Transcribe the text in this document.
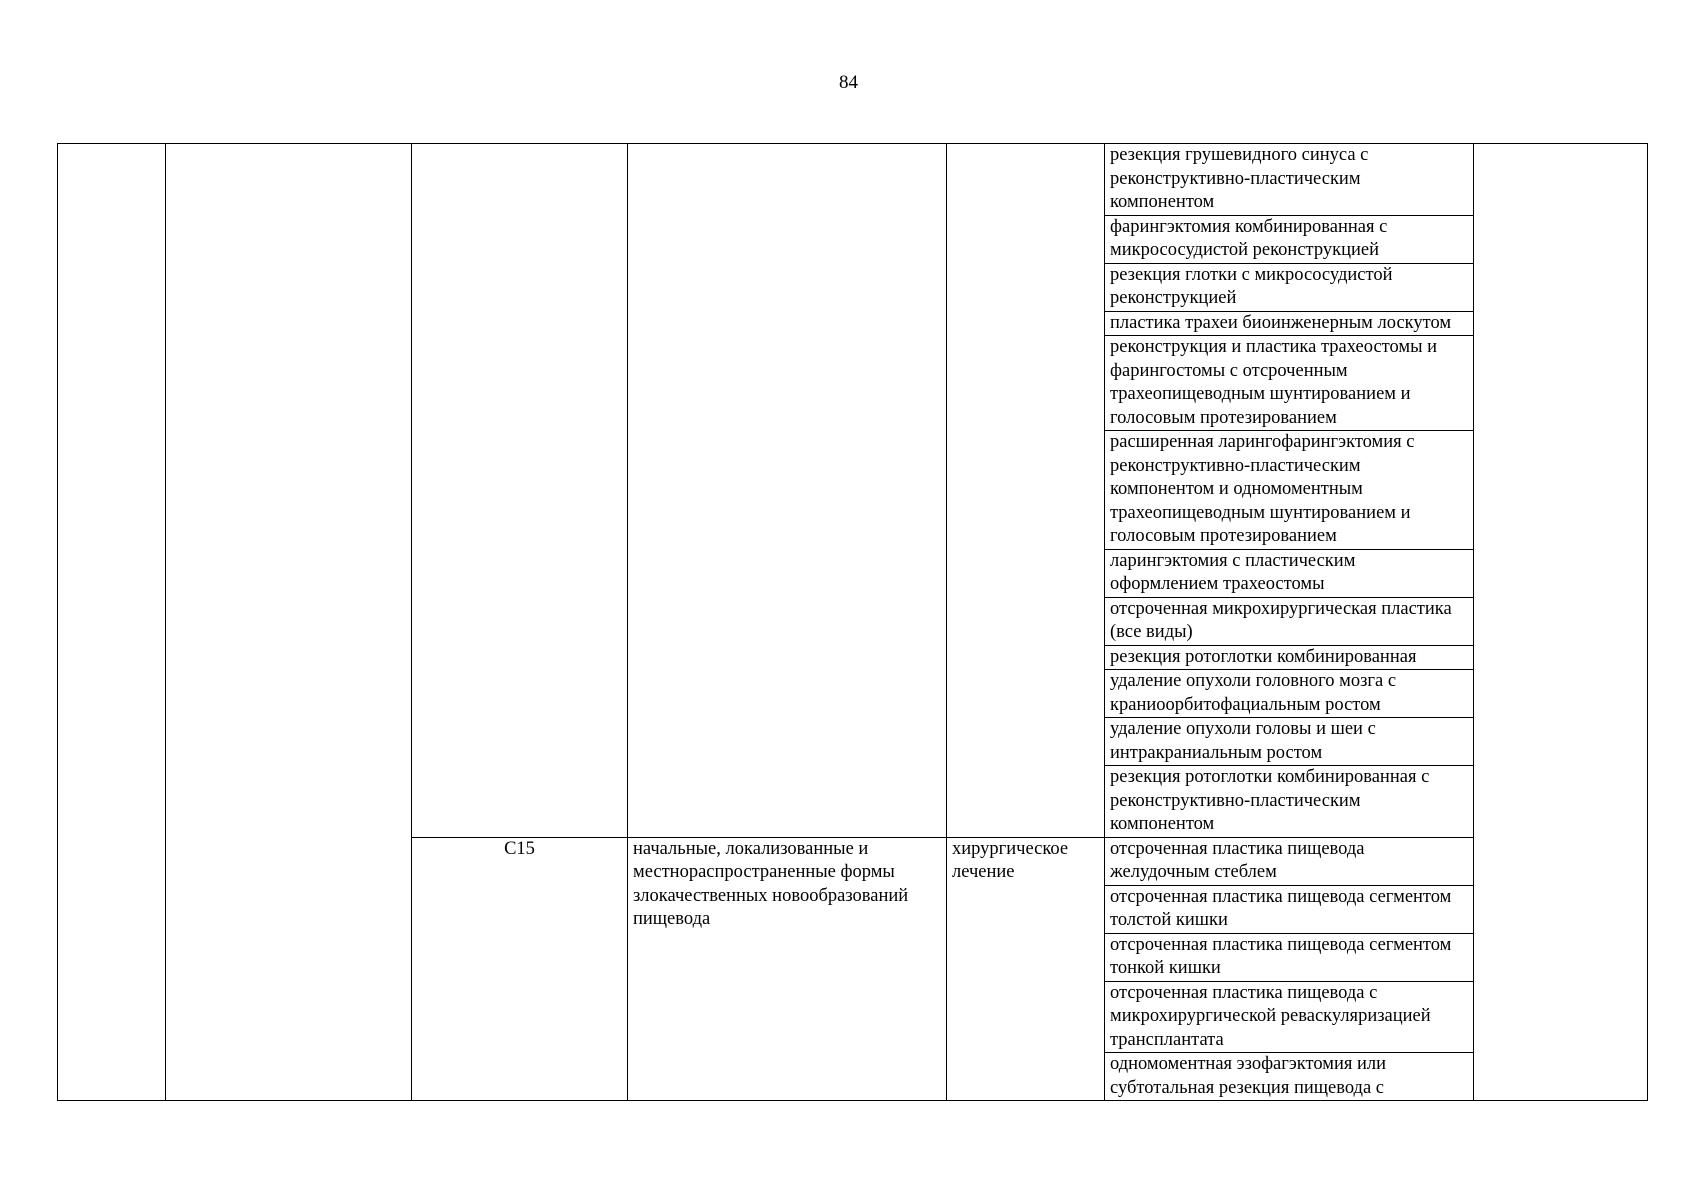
84
					резекция грушевидного синуса с реконструктивно-пластическим компонентом	
					фарингэктомия комбинированная с микрососудистой реконструкцией	
					резекция глотки с микрососудистой реконструкцией	
					пластика трахеи биоинженерным лоскутом	
					реконструкция и пластика трахеостомы и фарингостомы с отсроченным трахеопищеводным шунтированием и голосовым протезированием	
					расширенная ларингофарингэктомия с реконструктивно-пластическим компонентом и одномоментным трахеопищеводным шунтированием и голосовым протезированием	
					ларингэктомия с пластическим оформлением трахеостомы	
					отсроченная микрохирургическая пластика (все виды)	
					резекция ротоглотки комбинированная	
					удаление опухоли головного мозга с краниоорбитофациальным ростом	
					удаление опухоли головы и шеи с интракраниальным ростом	
					резекция ротоглотки комбинированная с реконструктивно-пластическим компонентом	
		C15	начальные, локализованные и местнораспространенные формы злокачественных новообразований пищевода	хирургическое лечение	отсроченная пластика пищевода желудочным стеблем	
					отсроченная пластика пищевода сегментом толстой кишки	
					отсроченная пластика пищевода сегментом тонкой кишки	
					отсроченная пластика пищевода с микрохирургической реваскуляризацией трансплантата	
					одномоментная эзофагэктомия или субтотальная резекция пищевода с	
